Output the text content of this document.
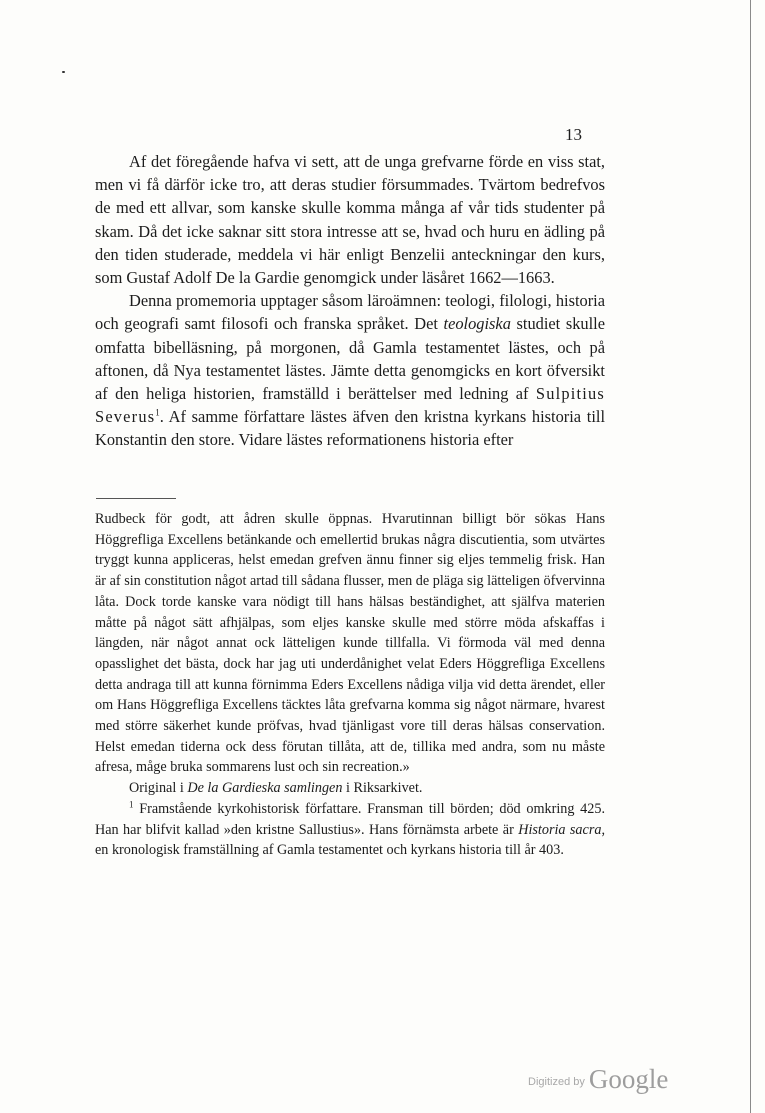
13

Af det föregående hafva vi sett, att de unga grefvarne förde en viss stat, men vi få därför icke tro, att deras studier försummades. Tvärtom bedrefvos de med ett allvar, som kanske skulle komma många af vår tids studenter på skam. Då det icke saknar sitt stora intresse att se, hvad och huru en ädling på den tiden studerade, meddela vi här enligt Benzelii anteckningar den kurs, som Gustaf Adolf De la Gardie genomgick under läsåret 1662—1663.

Denna promemoria upptager såsom läroämnen: teologi, filologi, historia och geografi samt filosofi och franska språket. Det teologiska studiet skulle omfatta bibelläsning, på morgonen, då Gamla testamentet lästes, och på aftonen, då Nya testamentet lästes. Jämte detta genomgicks en kort öfversikt af den heliga historien, framställd i berättelser med ledning af Sulpitius Severus$^1$. Af samme författare lästes äfven den kristna kyrkans historia till Konstantin den store. Vidare lästes reformationens historia efter

Rudbeck för godt, att ådren skulle öppnas. Hvarutinnan billigt bör sökas Hans Höggrefliga Excellens betänkande och emellertid brukas några discutientia, som utvärtes tryggt kunna appliceras, helst emedan grefven ännu finner sig eljes temmelig frisk. Han är af sin constitution något artad till sådana flusser, men de pläga sig lätteligen öfvervinna låta. Dock torde kanske vara nödigt till hans hälsas beständighet, att själfva materien måtte på något sätt afhjälpas, som eljes kanske skulle med större möda afskaffas i längden, när något annat ock lätteligen kunde tillfalla. Vi förmoda väl med denna opasslighet det bästa, dock har jag uti underdånighet velat Eders Höggrefliga Excellens detta andraga till att kunna förnimma Eders Excellens nådiga vilja vid detta ärendet, eller om Hans Höggrefliga Excellens täcktes låta grefvarna komma sig något närmare, hvarest med större säkerhet kunde pröfvas, hvad tjänligast vore till deras hälsas conservation. Helst emedan tiderna ock dess förutan tillåta, att de, tillika med andra, som nu måste afresa, måge bruka sommarens lust och sin recreation.»

Original i De la Gardieska samlingen i Riksarkivet.

$^1$ Framstående kyrkohistorisk författare. Fransman till börden; död omkring 425. Han har blifvit kallad »den kristne Sallustius». Hans förnämsta arbete är Historia sacra, en kronologisk framställning af Gamla testamentet och kyrkans historia till år 403.

Digitized by Google
